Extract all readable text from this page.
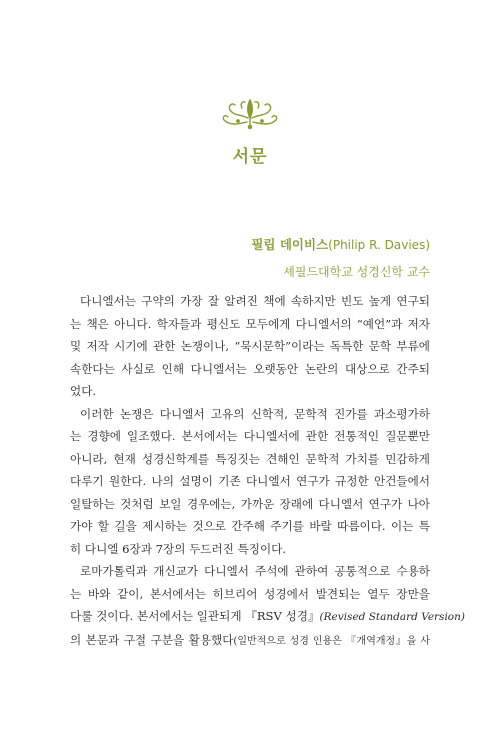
서문
필립 데이비스(Philip R. Davies)
셰필드대학교 성경신학 교수

다니엘서는 구약의 가장 잘 알려진 책에 속하지만 빈도 높게 연구되
는 책은 아니다. 학자들과 평신도 모두에게 다니엘서의 “예언”과 저자
및 저작 시기에 관한 논쟁이나, “묵시문학”이라는 독특한 문학 부류에
속한다는 사실로 인해 다니엘서는 오랫동안 논란의 대상으로 간주되
었다.

이러한 논쟁은 다니엘서 고유의 신학적, 문학적 진가를 과소평가하
는 경향에 일조했다. 본서에서는 다니엘서에 관한 전통적인 질문뿐만
아니라, 현재 성경신학계를 특징짓는 견해인 문학적 가치를 민감하게
다루기 원한다. 나의 설명이 기존 다니엘서 연구가 규정한 안건들에서
일탈하는 것처럼 보일 경우에는, 가까운 장래에 다니엘서 연구가 나아
가야 할 길을 제시하는 것으로 간주해 주기를 바랄 따름이다. 이는 특
히 다니엘 6장과 7장의 두드러진 특징이다.

로마가톨릭과 개신교가 다니엘서 주석에 관하여 공통적으로 수용하
는 바와 같이, 본서에서는 히브리어 성경에서 발견되는 열두 장만을
다룰 것이다. 본서에서는 일관되게 『RSV 성경』(Revised Standard Version)
의 본문과 구절 구분을 활용했다(일반적으로 성경 인용은 『개역개정』을 사
